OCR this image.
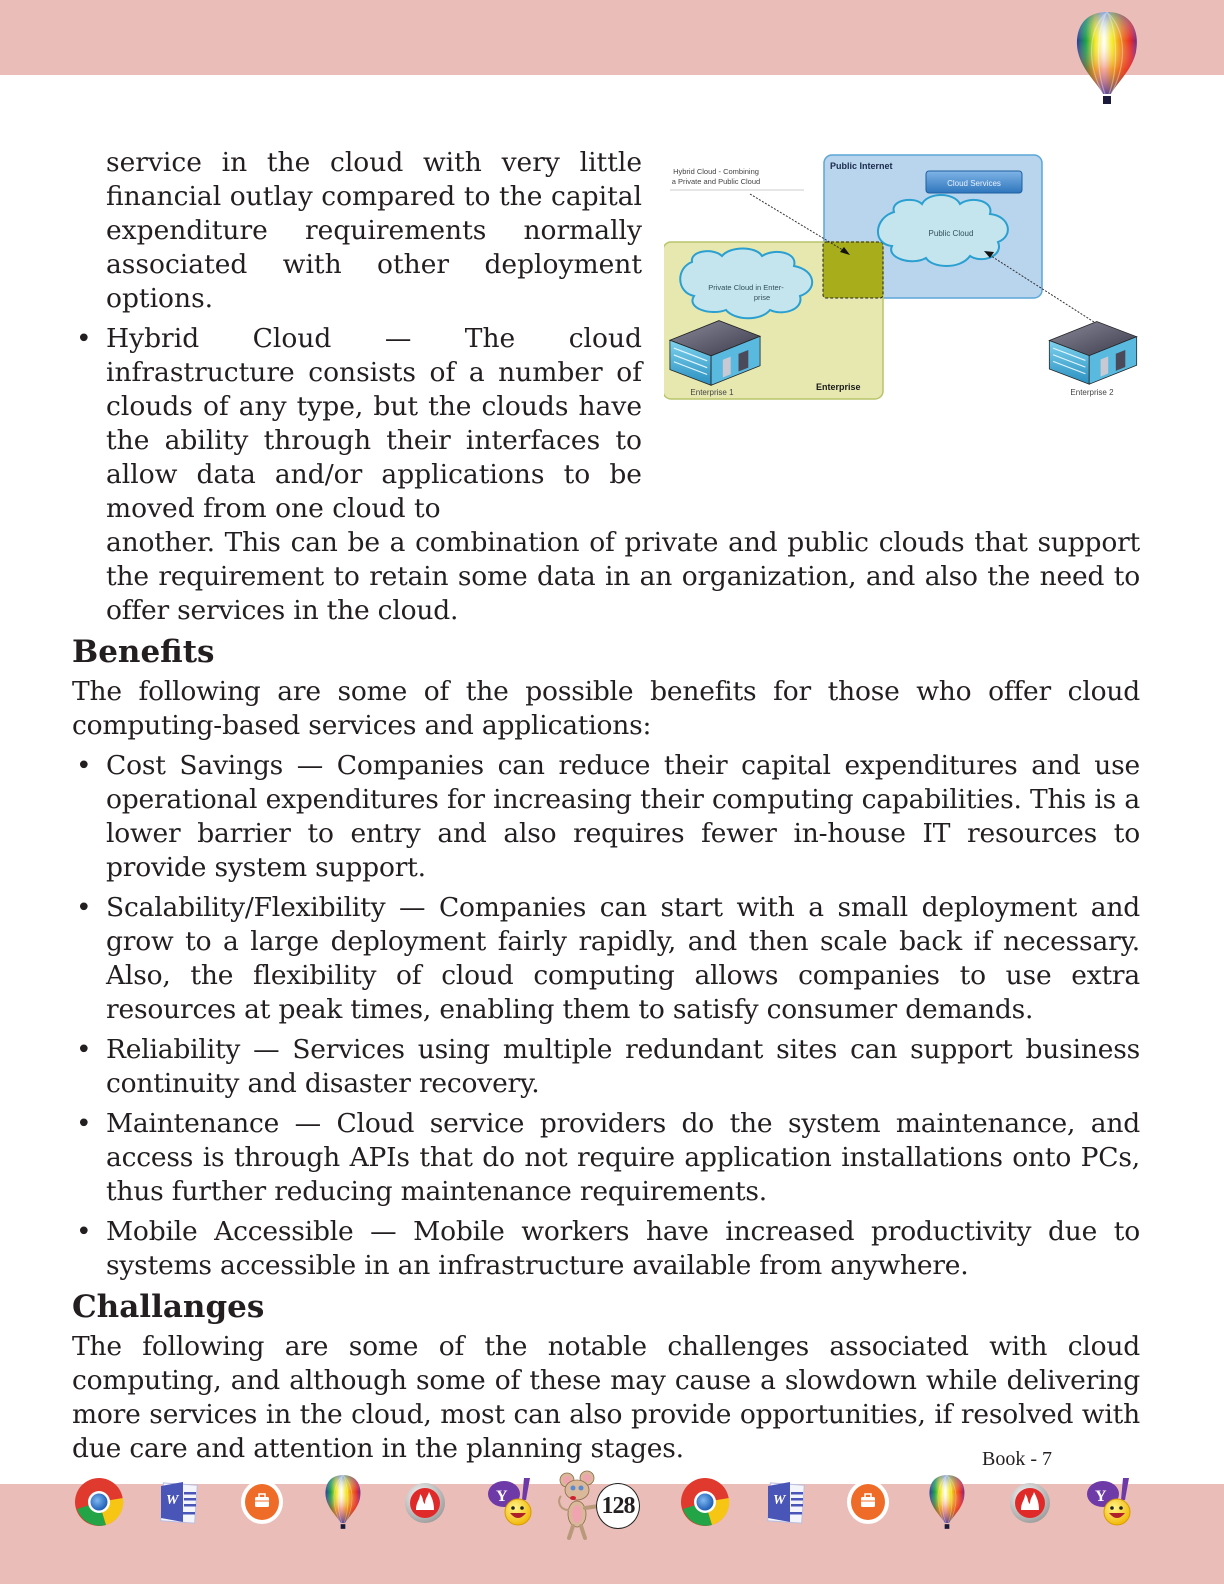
service in the cloud with very little financial outlay compared to the capital expenditure requirements normally associated with other deployment options.

• Hybrid Cloud — The cloud infrastructure consists of a number of clouds of any type, but the clouds have the ability through their interfaces to allow data and/or applications to be moved from one cloud to

another. This can be a combination of private and public clouds that support the requirement to retain some data in an organization, and also the need to offer services in the cloud.

Benefits

The following are some of the possible benefits for those who offer cloud computing-based services and applications:

• Cost Savings — Companies can reduce their capital expenditures and use operational expenditures for increasing their computing capabilities. This is a lower barrier to entry and also requires fewer in-house IT resources to provide system support.
• Scalability/Flexibility — Companies can start with a small deployment and grow to a large deployment fairly rapidly, and then scale back if necessary. Also, the flexibility of cloud computing allows companies to use extra resources at peak times, enabling them to satisfy consumer demands.
• Reliability — Services using multiple redundant sites can support business continuity and disaster recovery.
• Maintenance — Cloud service providers do the system maintenance, and access is through APIs that do not require application installations onto PCs, thus further reducing maintenance requirements.
• Mobile Accessible — Mobile workers have increased productivity due to systems accessible in an infrastructure available from anywhere.
Challanges

The following are some of the notable challenges associated with cloud computing, and although some of these may cause a slowdown while delivering more services in the cloud, most can also provide opportunities, if resolved with due care and attention in the planning stages.

Public Internet
Enterprise
Cloud Services
Public Cloud
Private Cloud in Enter-
prise
Enterprise 1	Enterprise 2
Hybrid Cloud - Combining
a Private and Public Cloud
Book - 7
W	Y	128	W	Y
